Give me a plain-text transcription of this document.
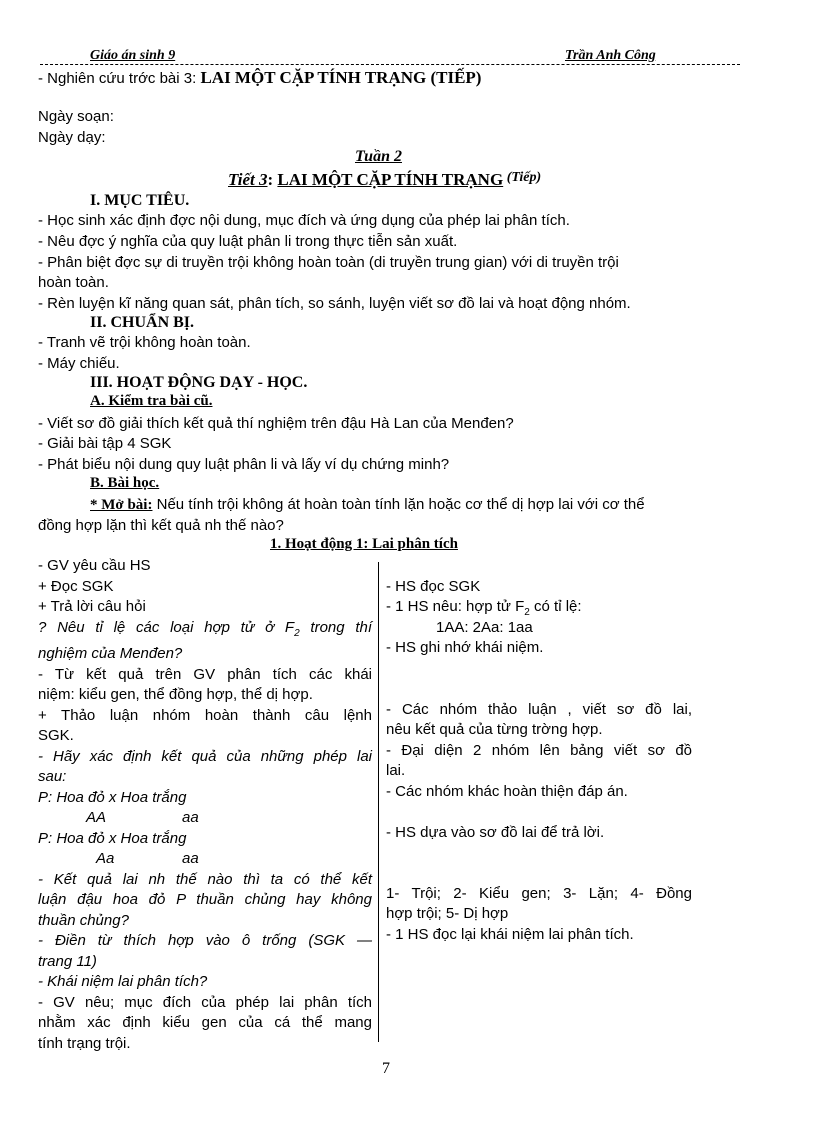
Giáo án sinh 9	Trần Anh Công
- Nghiên cứu trớc bài 3: LAI MỘT CẶP TÍNH TRẠNG (TIẾP)
Ngày soạn:
Ngày dạy:
Tuần 2
Tiết 3: LAI MỘT CẶP TÍNH TRẠNG $^{(Tiếp)}$
I. MỤC TIÊU.
- Học sinh xác định đợc nội dung, mục đích và ứng dụng của phép lai phân tích.
- Nêu đợc ý nghĩa của quy luật phân li trong thực tiễn sản xuất.
- Phân biệt đợc sự di truyền trội không hoàn toàn (di truyền trung gian) với di truyền trội
hoàn toàn.
- Rèn luyện kĩ năng quan sát, phân tích, so sánh, luyện viết sơ đồ lai và hoạt động nhóm.
II. CHUẨN BỊ.
- Tranh vẽ trội không hoàn toàn.
- Máy chiếu.
III. HOẠT ĐỘNG DẠY - HỌC.
A. Kiểm tra bài cũ.
- Viết sơ đồ giải thích kết quả thí nghiệm trên đậu Hà Lan của Menđen?
- Giải bài tập 4 SGK
- Phát biểu nội dung quy luật phân li và lấy ví dụ chứng minh?
B. Bài học.
* Mở bài: Nếu tính trội không át hoàn toàn tính lặn hoặc cơ thể dị hợp lai với cơ thể
đồng hợp lặn thì kết quả nh thế nào?
1. Hoạt động 1: Lai phân tích
- GV yêu cầu HS
+ Đọc SGK
+ Trả lời câu hỏi
? Nêu tỉ lệ các loại hợp tử ở $F_2$ trong thí
nghiệm của Menđen?
- Từ kết quả trên GV phân tích các khái
niệm: kiểu gen, thể đồng hợp, thể dị hợp.
+ Thảo luận nhóm hoàn thành câu lệnh
SGK.
- Hãy xác định kết quả của những phép lai
sau:
P: Hoa đỏ x Hoa trắng
AA	aa

P: Hoa đỏ x Hoa trắng
Aa	aa

- Kết quả lai nh thế nào thì ta có thể kết
luận đậu hoa đỏ P thuần chủng hay không
thuần chủng?
- Điền từ thích hợp vào ô trống (SGK —
trang 11)
- Khái niệm lai phân tích?
- GV nêu; mục đích của phép lai phân tích
nhằm xác định kiểu gen của cá thể mang
tính trạng trội.
- HS đọc SGK
- 1 HS nêu: hợp tử $F_2$ có tỉ lệ:
1AA: 2Aa: 1aa
- HS ghi nhớ khái niệm.
- Các nhóm thảo luận , viết sơ đồ lai,
nêu kết quả của từng trờng hợp.
- Đại diện 2 nhóm lên bảng viết sơ đồ
lai.
- Các nhóm khác hoàn thiện đáp án.
- HS dựa vào sơ đồ lai để trả lời.
1- Trội; 2- Kiểu gen; 3- Lặn; 4- Đồng
hợp trội; 5- Dị hợp
- 1 HS đọc lại khái niệm lai phân tích.
7
